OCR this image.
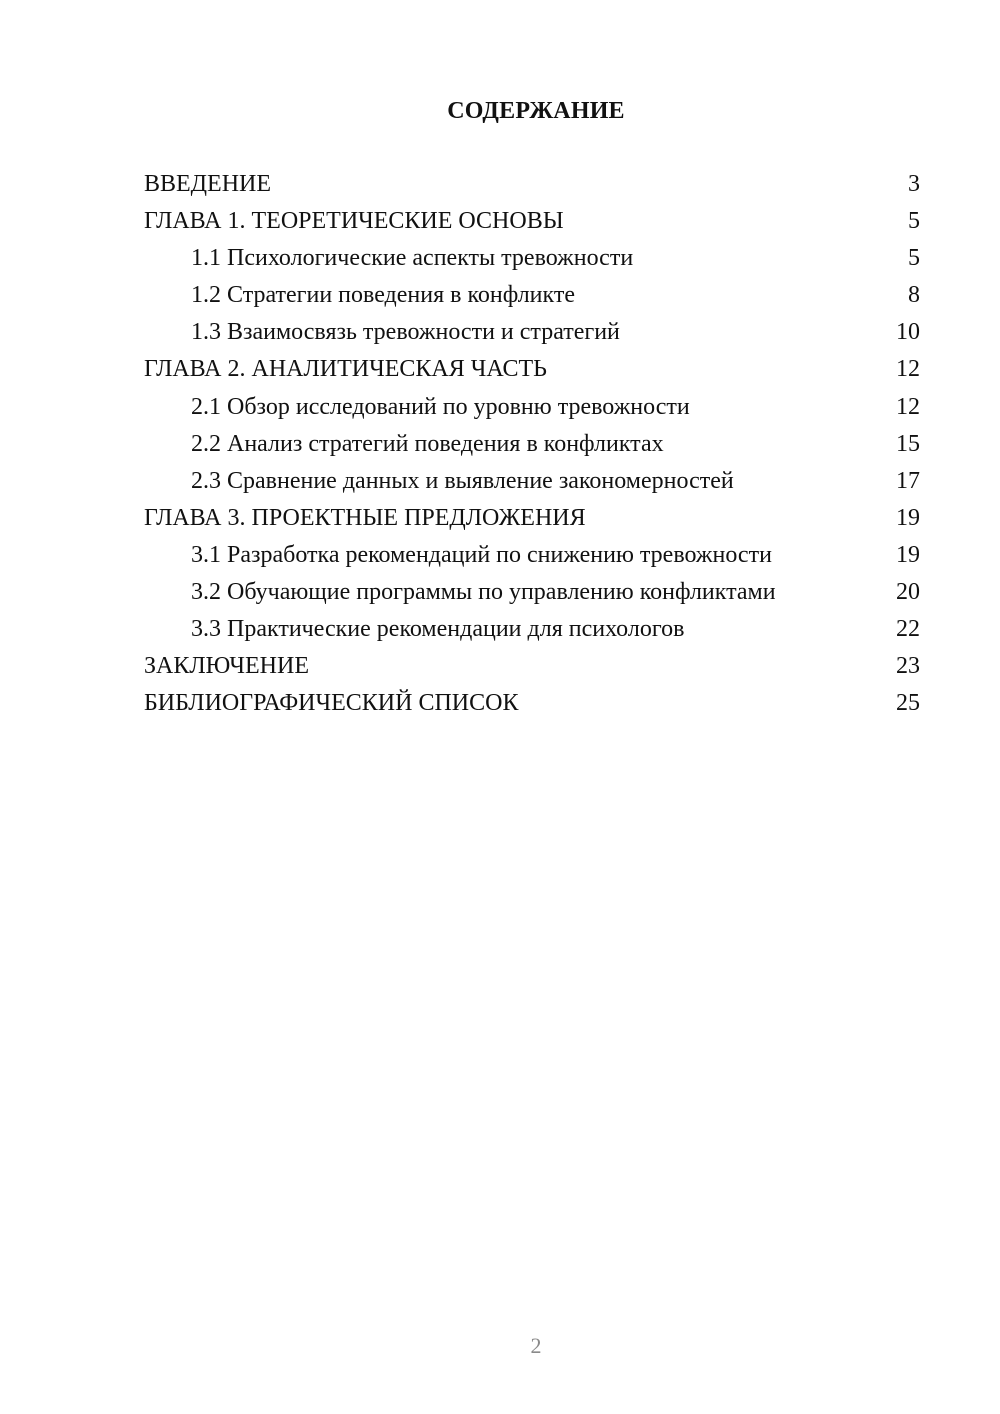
СОДЕРЖАНИЕ
ВВЕДЕНИЕ	3
ГЛАВА 1. ТЕОРЕТИЧЕСКИЕ ОСНОВЫ	5
1.1 Психологические аспекты тревожности	5
1.2 Стратегии поведения в конфликте	8
1.3 Взаимосвязь тревожности и стратегий	10
ГЛАВА 2. АНАЛИТИЧЕСКАЯ ЧАСТЬ	12
2.1 Обзор исследований по уровню тревожности	12
2.2 Анализ стратегий поведения в конфликтах	15
2.3 Сравнение данных и выявление закономерностей	17
ГЛАВА 3. ПРОЕКТНЫЕ ПРЕДЛОЖЕНИЯ	19
3.1 Разработка рекомендаций по снижению тревожности	19
3.2 Обучающие программы по управлению конфликтами	20
3.3 Практические рекомендации для психологов	22
ЗАКЛЮЧЕНИЕ	23
БИБЛИОГРАФИЧЕСКИЙ СПИСОК	25
2
